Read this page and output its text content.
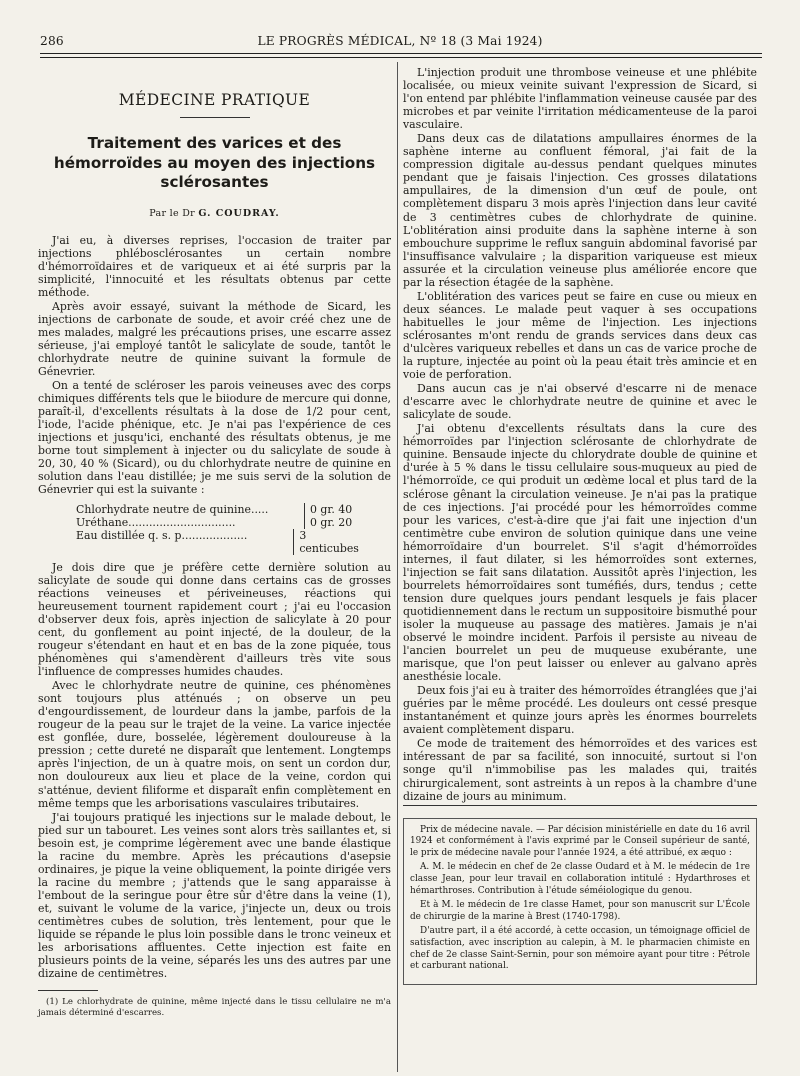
286	LE PROGRÈS MÉDICAL, Nº 18 (3 Mai 1924)
MÉDECINE PRATIQUE
Traitement des varices et des hémorroïdes au moyen des injections sclérosantes
Par le Dr G. COUDRAY.

J'ai eu, à diverses reprises, l'occasion de traiter par injections phlébosclérosantes un certain nombre d'hémorroïdaires et de variqueux et ai été surpris par la simplicité, l'innocuité et les résultats obtenus par cette méthode.

Après avoir essayé, suivant la méthode de Sicard, les injections de carbonate de soude, et avoir créé chez une de mes malades, malgré les précautions prises, une escarre assez sérieuse, j'ai employé tantôt le salicylate de soude, tantôt le chlorhydrate neutre de quinine suivant la formule de Génevrier.

On a tenté de scléroser les parois veineuses avec des corps chimiques différents tels que le biiodure de mercure qui donne, paraît-il, d'excellents résultats à la dose de 1/2 pour cent, l'iode, l'acide phénique, etc. Je n'ai pas l'expérience de ces injections et jusqu'ici, enchanté des résultats obtenus, je me borne tout simplement à injecter ou du salicylate de soude à 20, 30, 40 % (Sicard), ou du chlorhydrate neutre de quinine en solution dans l'eau distillée; je me suis servi de la solution de Génevrier qui est la suivante :

Chlorhydrate neutre de quinine.....	0 gr. 40
Uréthane...............................	0 gr. 20
Eau distillée q. s. p...................	3 centicubes

Je dois dire que je préfère cette dernière solution au salicylate de soude qui donne dans certains cas de grosses réactions veineuses et périveineuses, réactions qui heureusement tournent rapidement court ; j'ai eu l'occasion d'observer deux fois, après injection de salicylate à 20 pour cent, du gonflement au point injecté, de la douleur, de la rougeur s'étendant en haut et en bas de la zone piquée, tous phénomènes qui s'amendèrent d'ailleurs très vite sous l'influence de compresses humides chaudes.

Avec le chlorhydrate neutre de quinine, ces phénomènes sont toujours plus atténués ; on observe un peu d'engourdissement, de lourdeur dans la jambe, parfois de la rougeur de la peau sur le trajet de la veine. La varice injectée est gonflée, dure, bosselée, légèrement douloureuse à la pression ; cette dureté ne disparaît que lentement. Longtemps après l'injection, de un à quatre mois, on sent un cordon dur, non douloureux aux lieu et place de la veine, cordon qui s'atténue, devient filiforme et disparaît enfin complètement en même temps que les arborisations vasculaires tributaires.

J'ai toujours pratiqué les injections sur le malade debout, le pied sur un tabouret. Les veines sont alors très saillantes et, si besoin est, je comprime légèrement avec une bande élastique la racine du membre. Après les précautions d'asepsie ordinaires, je pique la veine obliquement, la pointe dirigée vers la racine du membre ; j'attends que le sang apparaisse à l'embout de la seringue pour être sûr d'être dans la veine (1), et, suivant le volume de la varice, j'injecte un, deux ou trois centimètres cubes de solution, très lentement, pour que le liquide se répande le plus loin possible dans le tronc veineux et les arborisations affluentes. Cette injection est faite en plusieurs points de la veine, séparés les uns des autres par une dizaine de centimètres.

(1) Le chlorhydrate de quinine, même injecté dans le tissu cellulaire ne m'a jamais déterminé d'escarres.

L'injection produit une thrombose veineuse et une phlébite localisée, ou mieux veinite suivant l'expression de Sicard, si l'on entend par phlébite l'inflammation veineuse causée par des microbes et par veinite l'irritation médicamenteuse de la paroi vasculaire.

Dans deux cas de dilatations ampullaires énormes de la saphène interne au confluent fémoral, j'ai fait de la compression digitale au-dessus pendant quelques minutes pendant que je faisais l'injection. Ces grosses dilatations ampullaires, de la dimension d'un œuf de poule, ont complètement disparu 3 mois après l'injection dans leur cavité de 3 centimètres cubes de chlorhydrate de quinine. L'oblitération ainsi produite dans la saphène interne à son embouchure supprime le reflux sanguin abdominal favorisé par l'insuffisance valvulaire ; la disparition variqueuse est mieux assurée et la circulation veineuse plus améliorée encore que par la résection étagée de la saphène.

L'oblitération des varices peut se faire en cuse ou mieux en deux séances. Le malade peut vaquer à ses occupations habituelles le jour même de l'injection. Les injections sclérosantes m'ont rendu de grands services dans deux cas d'ulcères variqueux rebelles et dans un cas de varice proche de la rupture, injectée au point où la peau était très amincie et en voie de perforation.

Dans aucun cas je n'ai observé d'escarre ni de menace d'escarre avec le chlorhydrate neutre de quinine et avec le salicylate de soude.

J'ai obtenu d'excellents résultats dans la cure des hémorroïdes par l'injection sclérosante de chlorhydrate de quinine. Bensaude injecte du chlorydrate double de quinine et d'urée à 5 % dans le tissu cellulaire sous-muqueux au pied de l'hémorroïde, ce qui produit un œdème local et plus tard de la sclérose gênant la circulation veineuse. Je n'ai pas la pratique de ces injections. J'ai procédé pour les hémorroïdes comme pour les varices, c'est-à-dire que j'ai fait une injection d'un centimètre cube environ de solution quinique dans une veine hémorroïdaire d'un bourrelet. S'il s'agit d'hémorroïdes internes, il faut dilater, si les hémorroïdes sont externes, l'injection se fait sans dilatation. Aussitôt après l'injection, les bourrelets hémorroïdaires sont tuméfiés, durs, tendus ; cette tension dure quelques jours pendant lesquels je fais placer quotidiennement dans le rectum un suppositoire bismuthé pour isoler la muqueuse au passage des matières. Jamais je n'ai observé le moindre incident. Parfois il persiste au niveau de l'ancien bourrelet un peu de muqueuse exubérante, une marisque, que l'on peut laisser ou enlever au galvano après anesthésie locale.

Deux fois j'ai eu à traiter des hémorroïdes étranglées que j'ai guéries par le même procédé. Les douleurs ont cessé presque instantanément et quinze jours après les énormes bourrelets avaient complètement disparu.

Ce mode de traitement des hémorroïdes et des varices est intéressant de par sa facilité, son innocuité, surtout si l'on songe qu'il n'immobilise pas les malades qui, traités chirurgicalement, sont astreints à un repos à la chambre d'une dizaine de jours au minimum.

Prix de médecine navale. — Par décision ministérielle en date du 16 avril 1924 et conformément à l'avis exprimé par le Conseil supérieur de santé, le prix de médecine navale pour l'année 1924, a été attribué, ex æquo :

A. M. le médecin en chef de 2e classe Oudard et à M. le médecin de 1re classe Jean, pour leur travail en collaboration intitulé : Hydarthroses et hémarthroses. Contribution à l'étude séméiologique du genou.

Et à M. le médecin de 1re classe Hamet, pour son manuscrit sur L'École de chirurgie de la marine à Brest (1740-1798).

D'autre part, il a été accordé, à cette occasion, un témoignage officiel de satisfaction, avec inscription au calepin, à M. le pharmacien chimiste en chef de 2e classe Saint-Sernin, pour son mémoire ayant pour titre : Pétrole et carburant national.
